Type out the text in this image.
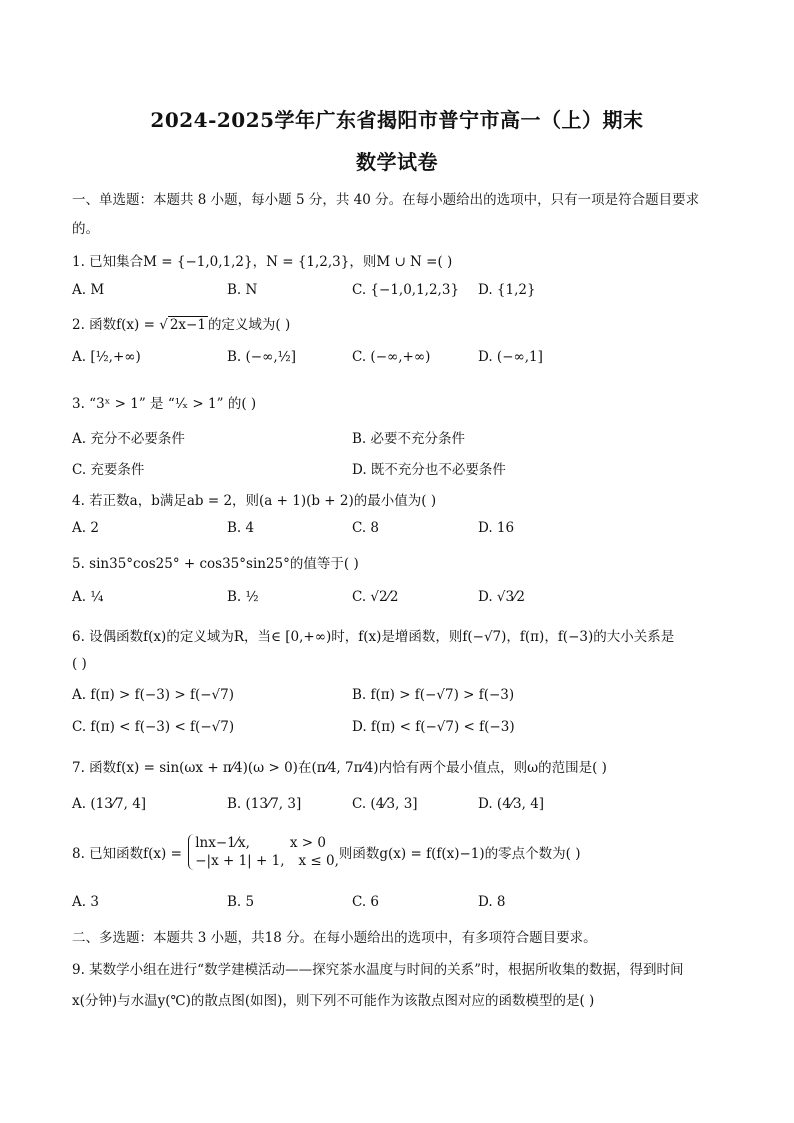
2024-2025学年广东省揭阳市普宁市高一（上）期末
数学试卷
一、单选题：本题共 8 小题，每小题 5 分，共 40 分。在每小题给出的选项中，只有一项是符合题目要求
的。
1. 已知集合M = {−1,0,1,2}，N = {1,2,3}，则M ∪ N =( )
A. M	B. N	C. {−1,0,1,2,3} D. {1,2}
2. 函数f(x) = √ 2x−1 的定义域为( )
A. [½,+∞)	B. (−∞,½]	C. (−∞,+∞)	D. (−∞,1]
3. “3ˣ > 1” 是 “¹⁄ₓ > 1” 的( )
A. 充分不必要条件	B. 必要不充分条件
C. 充要条件	D. 既不充分也不必要条件
4. 若正数a，b满足ab = 2，则(a + 1)(b + 2)的最小值为( )
A. 2	B. 4	C. 8	D. 16
5. sin35°cos25° + cos35°sin25°的值等于( )
A. ¼	B. ½	C. √2⁄2	D. √3⁄2
6. 设偶函数f(x)的定义域为R，当∈ [0,+∞)时，f(x)是增函数，则f(−√7)，f(π)，f(−3)的大小关系是
( )
A. f(π) > f(−3) > f(−√7)	B. f(π) > f(−√7) > f(−3)
C. f(π) < f(−3) < f(−√7)	D. f(π) < f(−√7) < f(−3)
7. 函数f(x) = sin(ωx + π⁄4)(ω > 0)在(π⁄4, 7π⁄4)内恰有两个最小值点，则ω的范围是( )
A. (13⁄7, 4]	B. (13⁄7, 3]	C. (4⁄3, 3]	D. (4⁄3, 4]
8. 已知函数f(x) =
lnx−1⁄x,	x > 0
−|x + 1| + 1, x ≤ 0, 则函数g(x) = f(f(x)−1)的零点个数为( )
A. 3	B. 5	C. 6	D. 8
二、多选题：本题共 3 小题，共18 分。在每小题给出的选项中，有多项符合题目要求。
9. 某数学小组在进行“数学建模活动——探究茶水温度与时间的关系”时，根据所收集的数据，得到时间
x(分钟)与水温y(℃)的散点图(如图)，则下列不可能作为该散点图对应的函数模型的是( )
